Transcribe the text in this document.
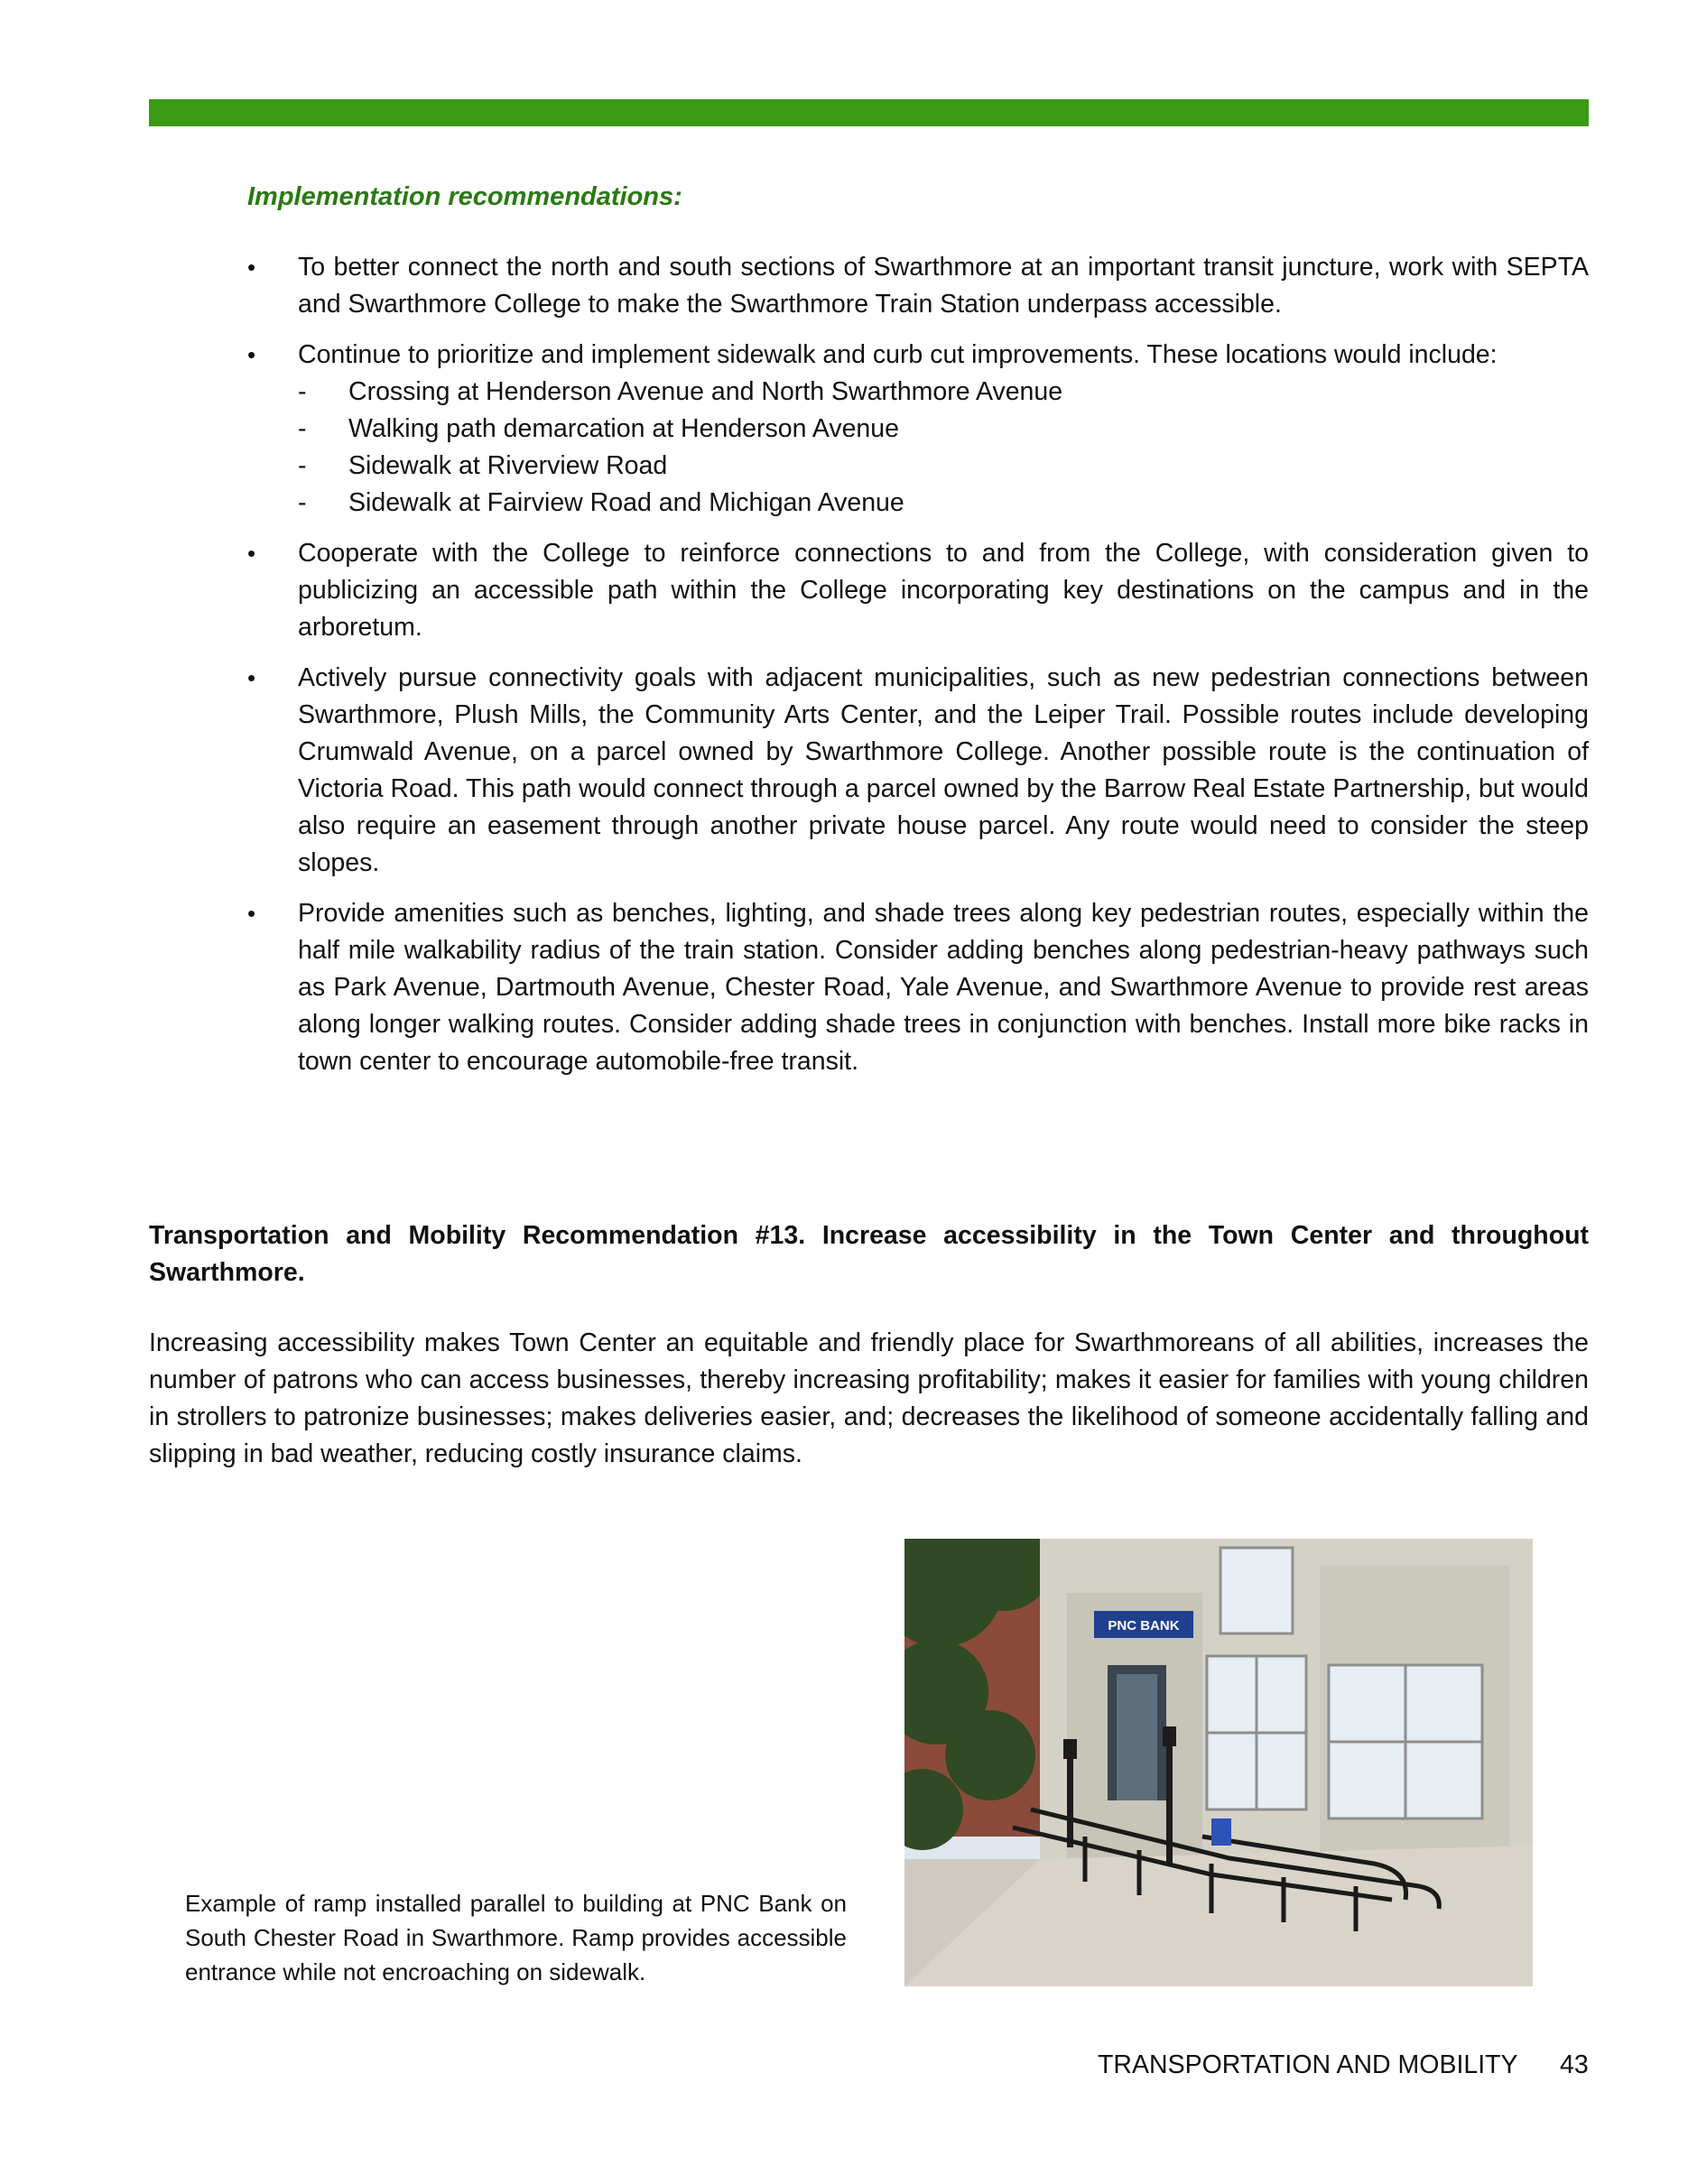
Implementation recommendations:
• To better connect the north and south sections of Swarthmore at an important transit juncture, work with SEPTA and Swarthmore College to make the Swarthmore Train Station underpass accessible.
• Continue to prioritize and implement sidewalk and curb cut improvements. These locations would include:
- Crossing at Henderson Avenue and North Swarthmore Avenue
- Walking path demarcation at Henderson Avenue
- Sidewalk at Riverview Road
- Sidewalk at Fairview Road and Michigan Avenue
• Cooperate with the College to reinforce connections to and from the College, with consideration given to publicizing an accessible path within the College incorporating key destinations on the campus and in the arboretum.
• Actively pursue connectivity goals with adjacent municipalities, such as new pedestrian connections between Swarthmore, Plush Mills, the Community Arts Center, and the Leiper Trail. Possible routes include developing Crumwald Avenue, on a parcel owned by Swarthmore College. Another possible route is the continuation of Victoria Road. This path would connect through a parcel owned by the Barrow Real Estate Partnership, but would also require an easement through another private house parcel. Any route would need to consider the steep slopes.
• Provide amenities such as benches, lighting, and shade trees along key pedestrian routes, especially within the half mile walkability radius of the train station. Consider adding benches along pedestrian-heavy pathways such as Park Avenue, Dartmouth Avenue, Chester Road, Yale Avenue, and Swarthmore Avenue to provide rest areas along longer walking routes. Consider adding shade trees in conjunction with benches. Install more bike racks in town center to encourage automobile-free transit.
Transportation and Mobility Recommendation #13. Increase accessibility in the Town Center and throughout Swarthmore.
Increasing accessibility makes Town Center an equitable and friendly place for Swarthmoreans of all abilities, increases the number of patrons who can access businesses, thereby increasing profitability; makes it easier for families with young children in strollers to patronize businesses; makes deliveries easier, and; decreases the likelihood of someone accidentally falling and slipping in bad weather, reducing costly insurance claims.
PNC BANK
Example of ramp installed parallel to building at PNC Bank on South Chester Road in Swarthmore. Ramp provides accessible entrance while not encroaching on sidewalk.
TRANSPORTATION AND MOBILITY 43
